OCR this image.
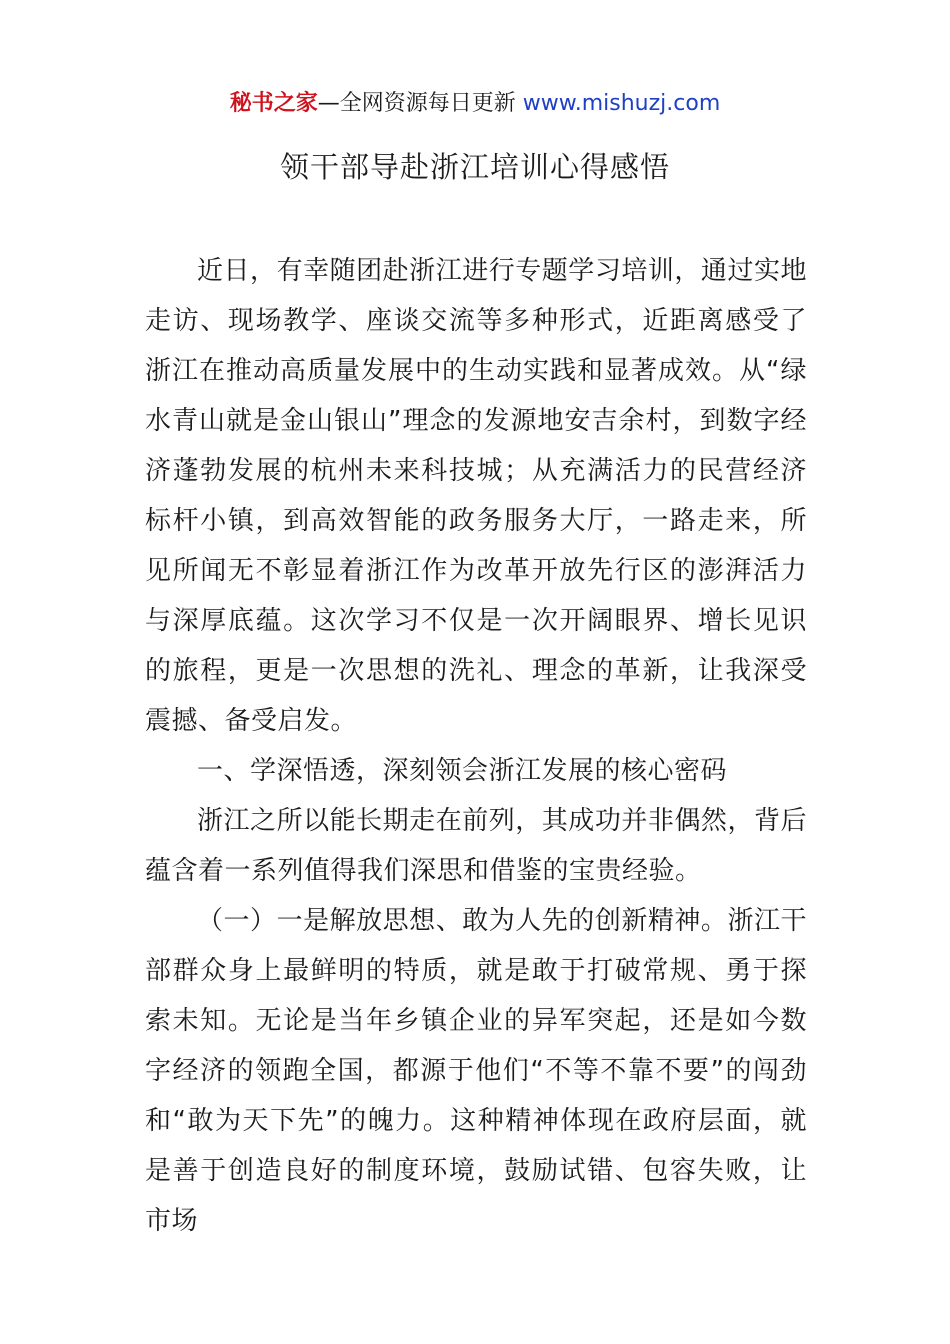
秘书之家—全网资源每日更新 www.mishuzj.com
领干部导赴浙江培训心得感悟

近日，有幸随团赴浙江进行专题学习培训，通过实地走访、现场教学、座谈交流等多种形式，近距离感受了浙江在推动高质量发展中的生动实践和显著成效。从“绿水青山就是金山银山”理念的发源地安吉余村，到数字经济蓬勃发展的杭州未来科技城；从充满活力的民营经济标杆小镇，到高效智能的政务服务大厅，一路走来，所见所闻无不彰显着浙江作为改革开放先行区的澎湃活力与深厚底蕴。这次学习不仅是一次开阔眼界、增长见识的旅程，更是一次思想的洗礼、理念的革新，让我深受震撼、备受启发。

一、学深悟透，深刻领会浙江发展的核心密码

浙江之所以能长期走在前列，其成功并非偶然，背后蕴含着一系列值得我们深思和借鉴的宝贵经验。

（一）一是解放思想、敢为人先的创新精神。浙江干部群众身上最鲜明的特质，就是敢于打破常规、勇于探索未知。无论是当年乡镇企业的异军突起，还是如今数字经济的领跑全国，都源于他们“不等不靠不要”的闯劲和“敢为天下先”的魄力。这种精神体现在政府层面，就是善于创造良好的制度环境，鼓励试错、包容失败，让市场
